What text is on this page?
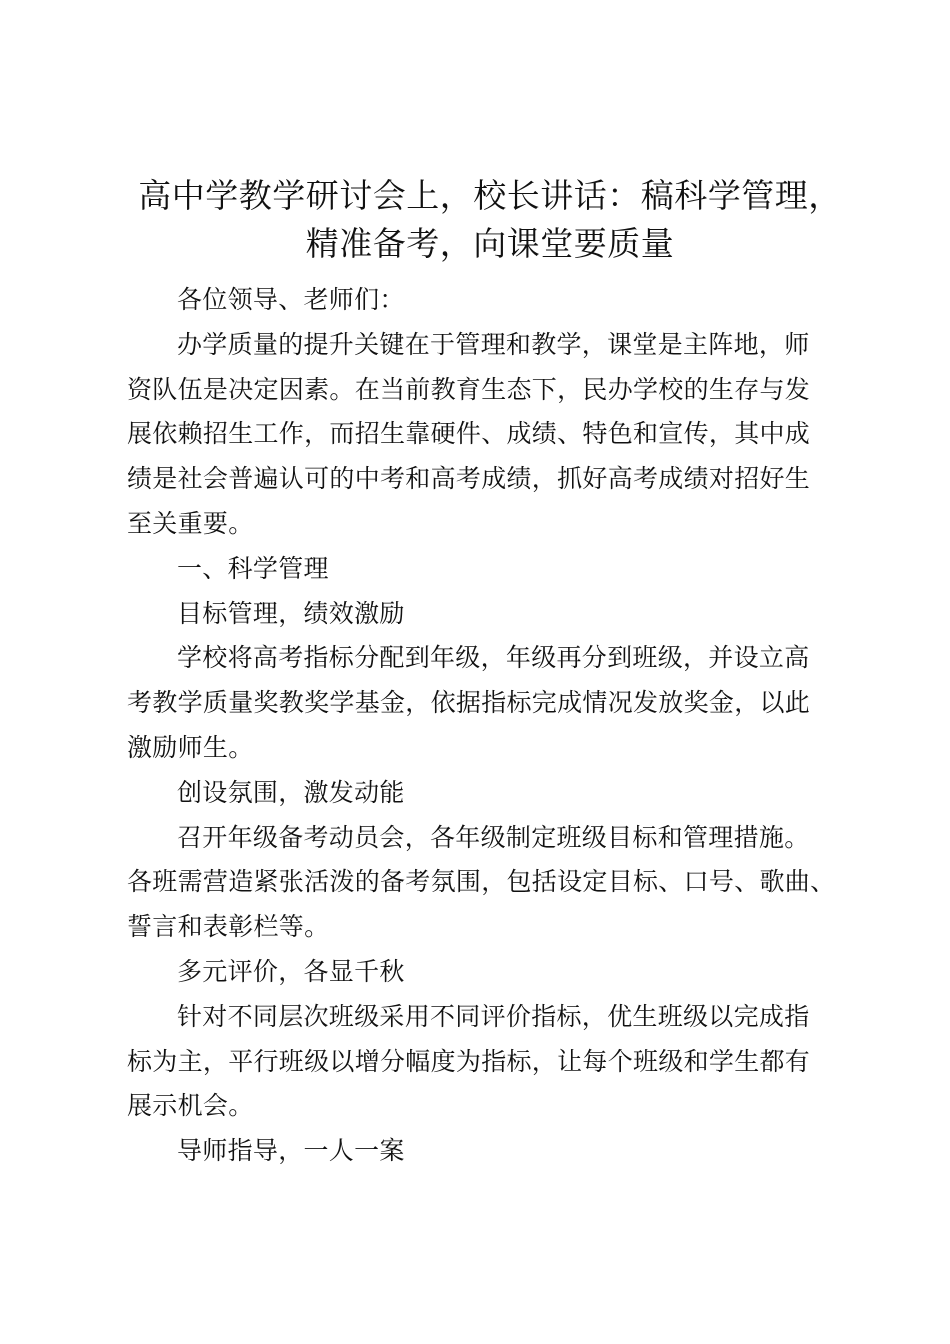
高中学教学研讨会上，校长讲话：稿科学管理，
精准备考，向课堂要质量

各位领导、老师们：

办学质量的提升关键在于管理和教学，课堂是主阵地，师
资队伍是决定因素。在当前教育生态下，民办学校的生存与发
展依赖招生工作，而招生靠硬件、成绩、特色和宣传，其中成
绩是社会普遍认可的中考和高考成绩，抓好高考成绩对招好生
至关重要。

一、科学管理

目标管理，绩效激励

学校将高考指标分配到年级，年级再分到班级，并设立高
考教学质量奖教奖学基金，依据指标完成情况发放奖金，以此
激励师生。

创设氛围，激发动能

召开年级备考动员会，各年级制定班级目标和管理措施。
各班需营造紧张活泼的备考氛围，包括设定目标、口号、歌曲、
誓言和表彰栏等。

多元评价，各显千秋

针对不同层次班级采用不同评价指标，优生班级以完成指
标为主，平行班级以增分幅度为指标，让每个班级和学生都有
展示机会。

导师指导，一人一案
